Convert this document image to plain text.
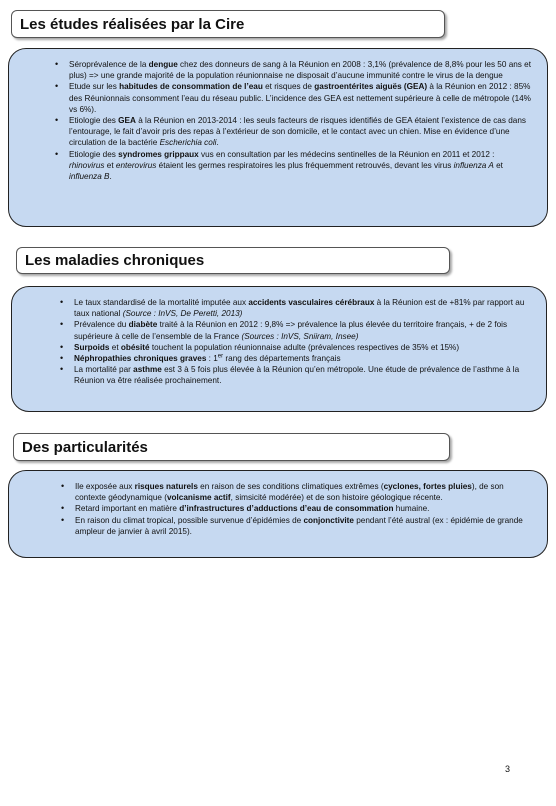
Les études réalisées par la Cire
• Séroprévalence de la dengue chez des donneurs de sang à la Réunion en 2008 : 3,1% (prévalence de 8,8% pour les 50 ans et plus) => une grande majorité de la population réunionnaise ne disposait d’aucune immunité contre le virus de la dengue
• Etude sur les habitudes de consommation de l’eau et risques de gastroentérites aiguës (GEA) à la Réunion en 2012 : 85% des Réunionnais consomment l’eau du réseau public. L’incidence des GEA est nettement supérieure à celle de métropole (14% vs 6%).
• Etiologie des GEA à la Réunion en 2013-2014 : les seuls facteurs de risques identifiés de GEA étaient l’existence de cas dans l’entourage, le fait d’avoir pris des repas à l’extérieur de son domicile, et le contact avec un chien. Mise en évidence d’une circulation de la bactérie Escherichia coli.
• Etiologie des syndromes grippaux vus en consultation par les médecins sentinelles de la Réunion en 2011 et 2012 : rhinovirus et enterovirus étaient les germes respiratoires les plus fréquemment retrouvés, devant les virus influenza A et influenza B.
Les maladies chroniques
• Le taux standardisé de la mortalité imputée aux accidents vasculaires cérébraux à la Réunion est de +81% par rapport au taux national (Source : InVS, De Peretti, 2013)
• Prévalence du diabète traité à la Réunion en 2012 : 9,8% => prévalence la plus élevée du territoire français, + de 2 fois supérieure à celle de l’ensemble de la France (Sources : InVS, Sniiram, Insee)
• Surpoids et obésité touchent la population réunionnaise adulte (prévalences respectives de 35% et 15%)
• Néphropathies chroniques graves : 1er rang des départements français
• La mortalité par asthme est 3 à 5 fois plus élevée à la Réunion qu’en métropole. Une étude de prévalence de l’asthme à la Réunion va être réalisée prochainement.
Des particularités
• Ile exposée aux risques naturels en raison de ses conditions climatiques extrêmes (cyclones, fortes pluies), de son contexte géodynamique (volcanisme actif, simsicité modérée) et de son histoire géologique récente.
• Retard important en matière d’infrastructures d’adductions d’eau de consommation humaine.
• En raison du climat tropical, possible survenue d’épidémies de conjonctivite pendant l’été austral (ex : épidémie de grande ampleur de janvier à avril 2015).
3
